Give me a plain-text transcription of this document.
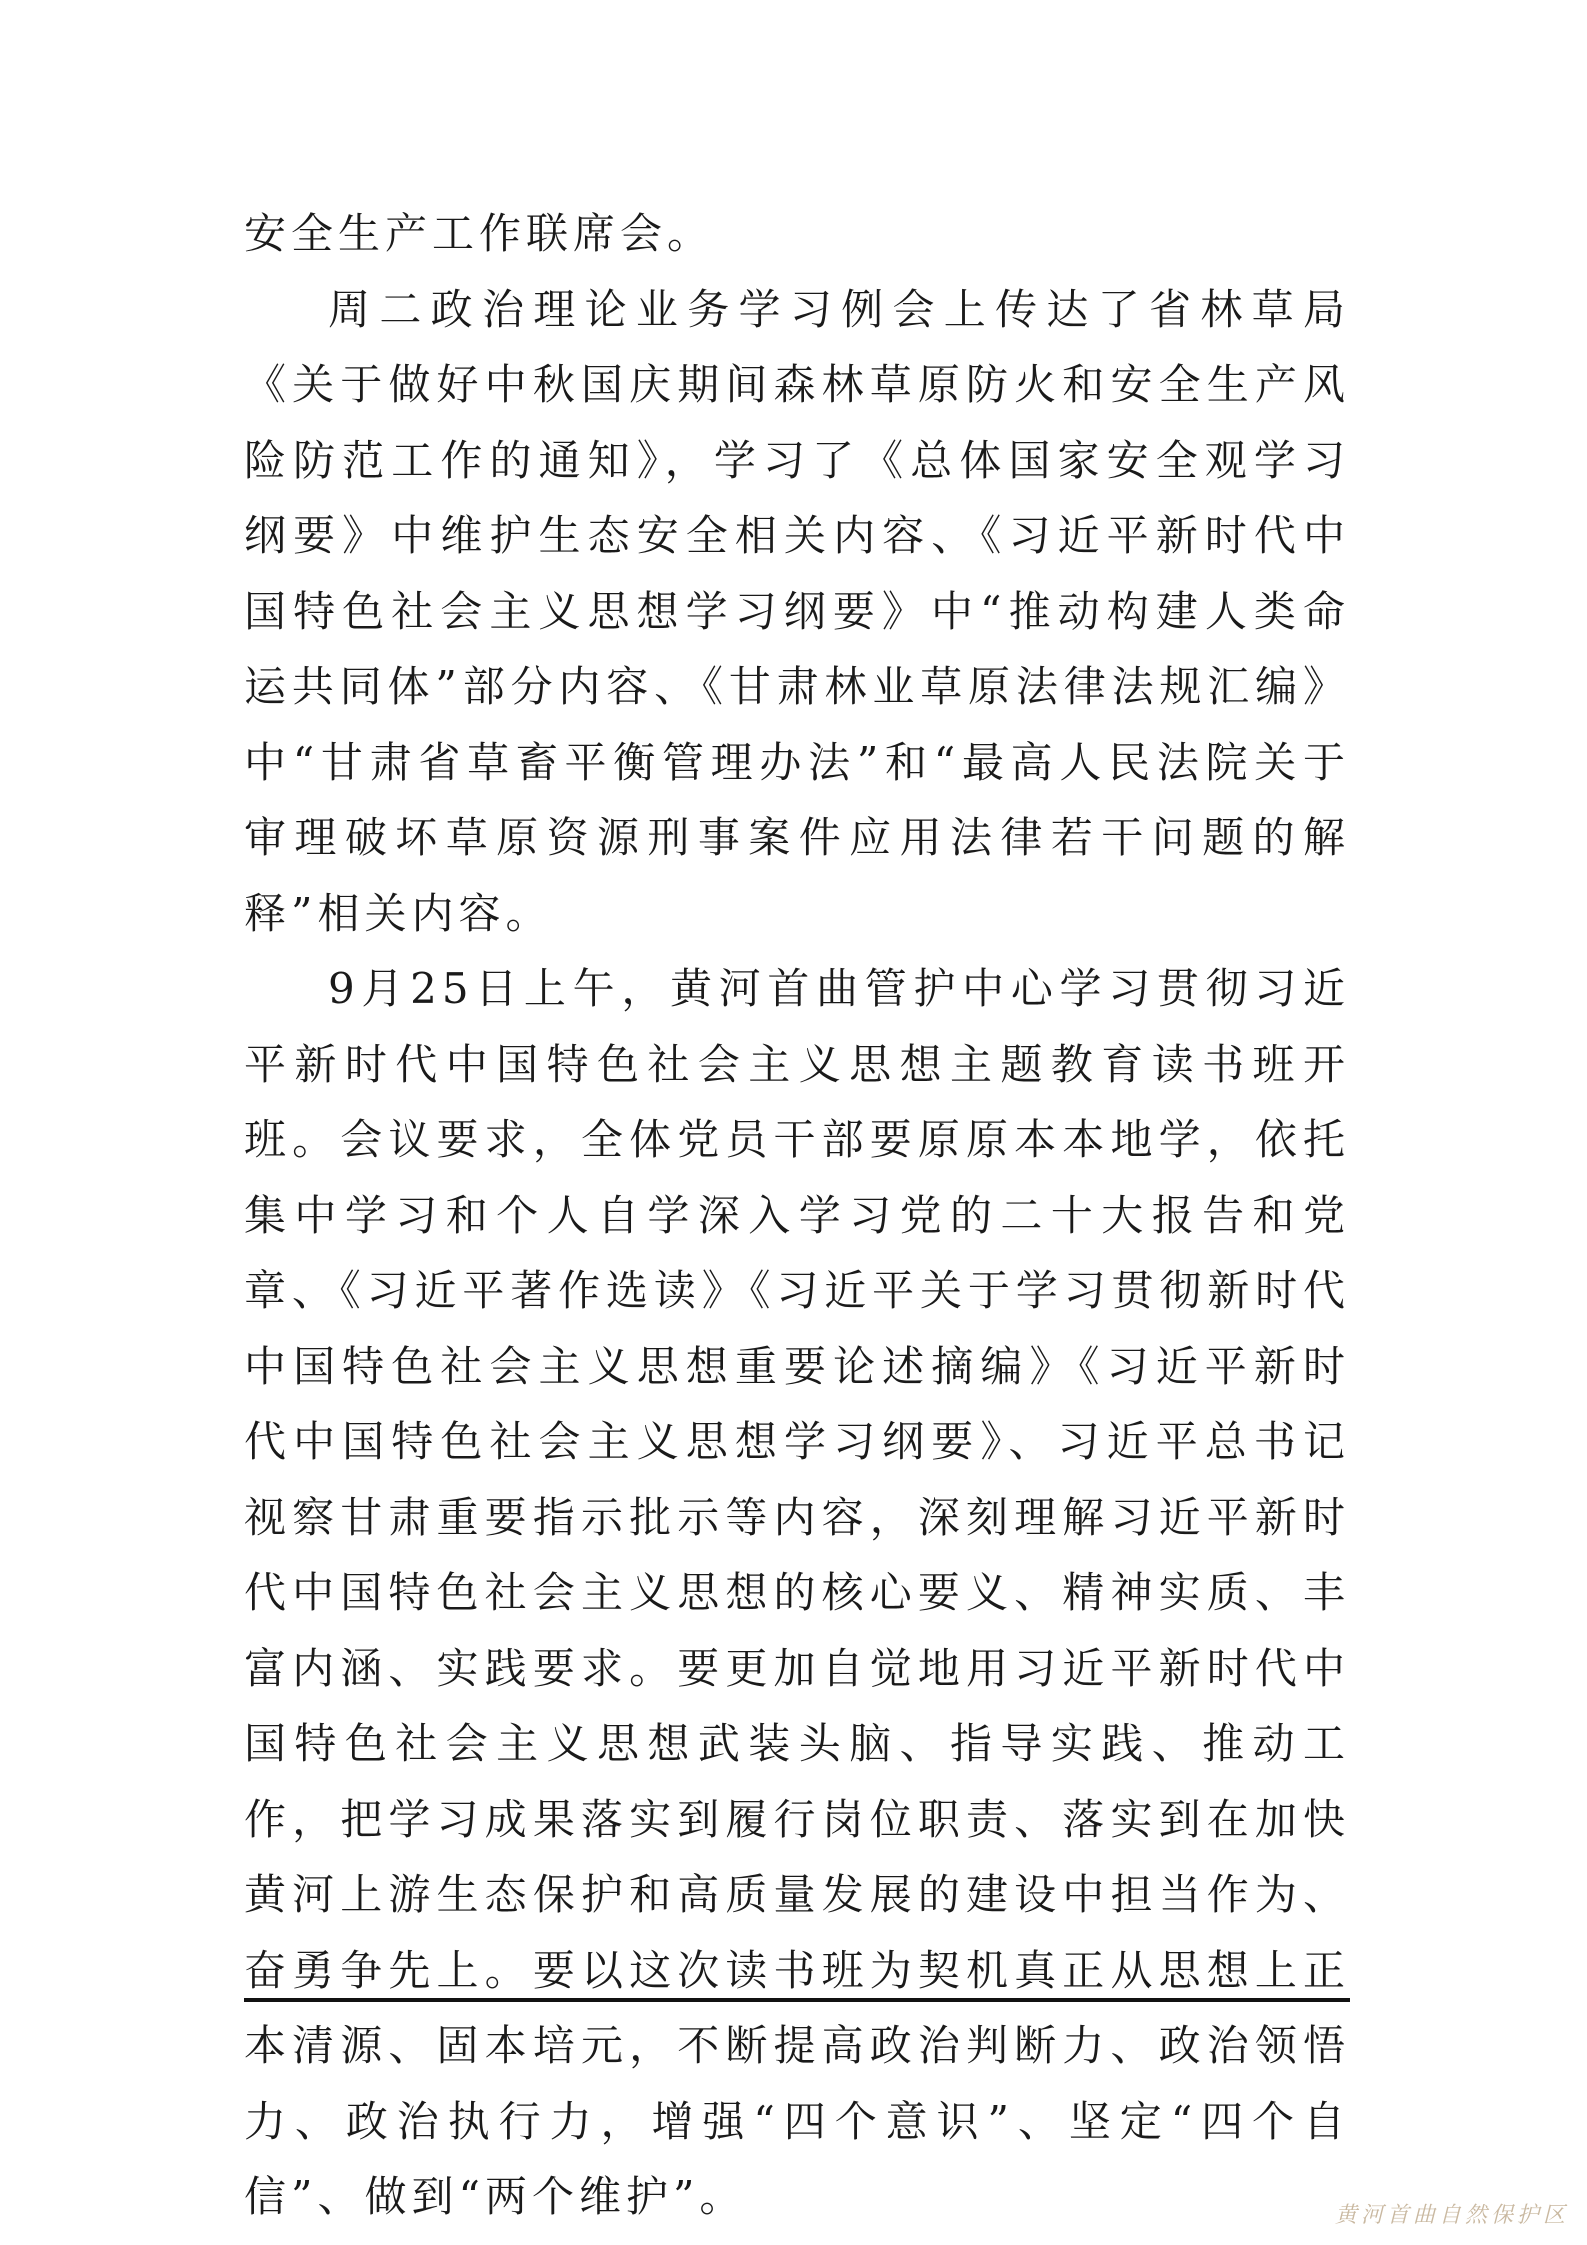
安全生产工作联席会。

周二政治理论业务学习例会上传达了省林草局《关于做好中秋国庆期间森林草原防火和安全生产风险防范工作的通知》，学习了《总体国家安全观学习纲要》中维护生态安全相关内容、《习近平新时代中国特色社会主义思想学习纲要》中“推动构建人类命运共同体”部分内容、《甘肃林业草原法律法规汇编》中“甘肃省草畜平衡管理办法”和“最高人民法院关于审理破坏草原资源刑事案件应用法律若干问题的解释”相关内容。

9月25日上午，黄河首曲管护中心学习贯彻习近平新时代中国特色社会主义思想主题教育读书班开班。会议要求，全体党员干部要原原本本地学，依托集中学习和个人自学深入学习党的二十大报告和党章、《习近平著作选读》《习近平关于学习贯彻新时代中国特色社会主义思想重要论述摘编》《习近平新时代中国特色社会主义思想学习纲要》、习近平总书记视察甘肃重要指示批示等内容，深刻理解习近平新时代中国特色社会主义思想的核心要义、精神实质、丰富内涵、实践要求。要更加自觉地用习近平新时代中国特色社会主义思想武装头脑、指导实践、推动工作，把学习成果落实到履行岗位职责、落实到在加快黄河上游生态保护和高质量发展的建设中担当作为、奋勇争先上。要以这次读书班为契机真正从思想上正本清源、固本培元，不断提高政治判断力、政治领悟力、政治执行力，增强“四个意识”、坚定“四个自信”、做到“两个维护”。	黄河首曲自然保护区
